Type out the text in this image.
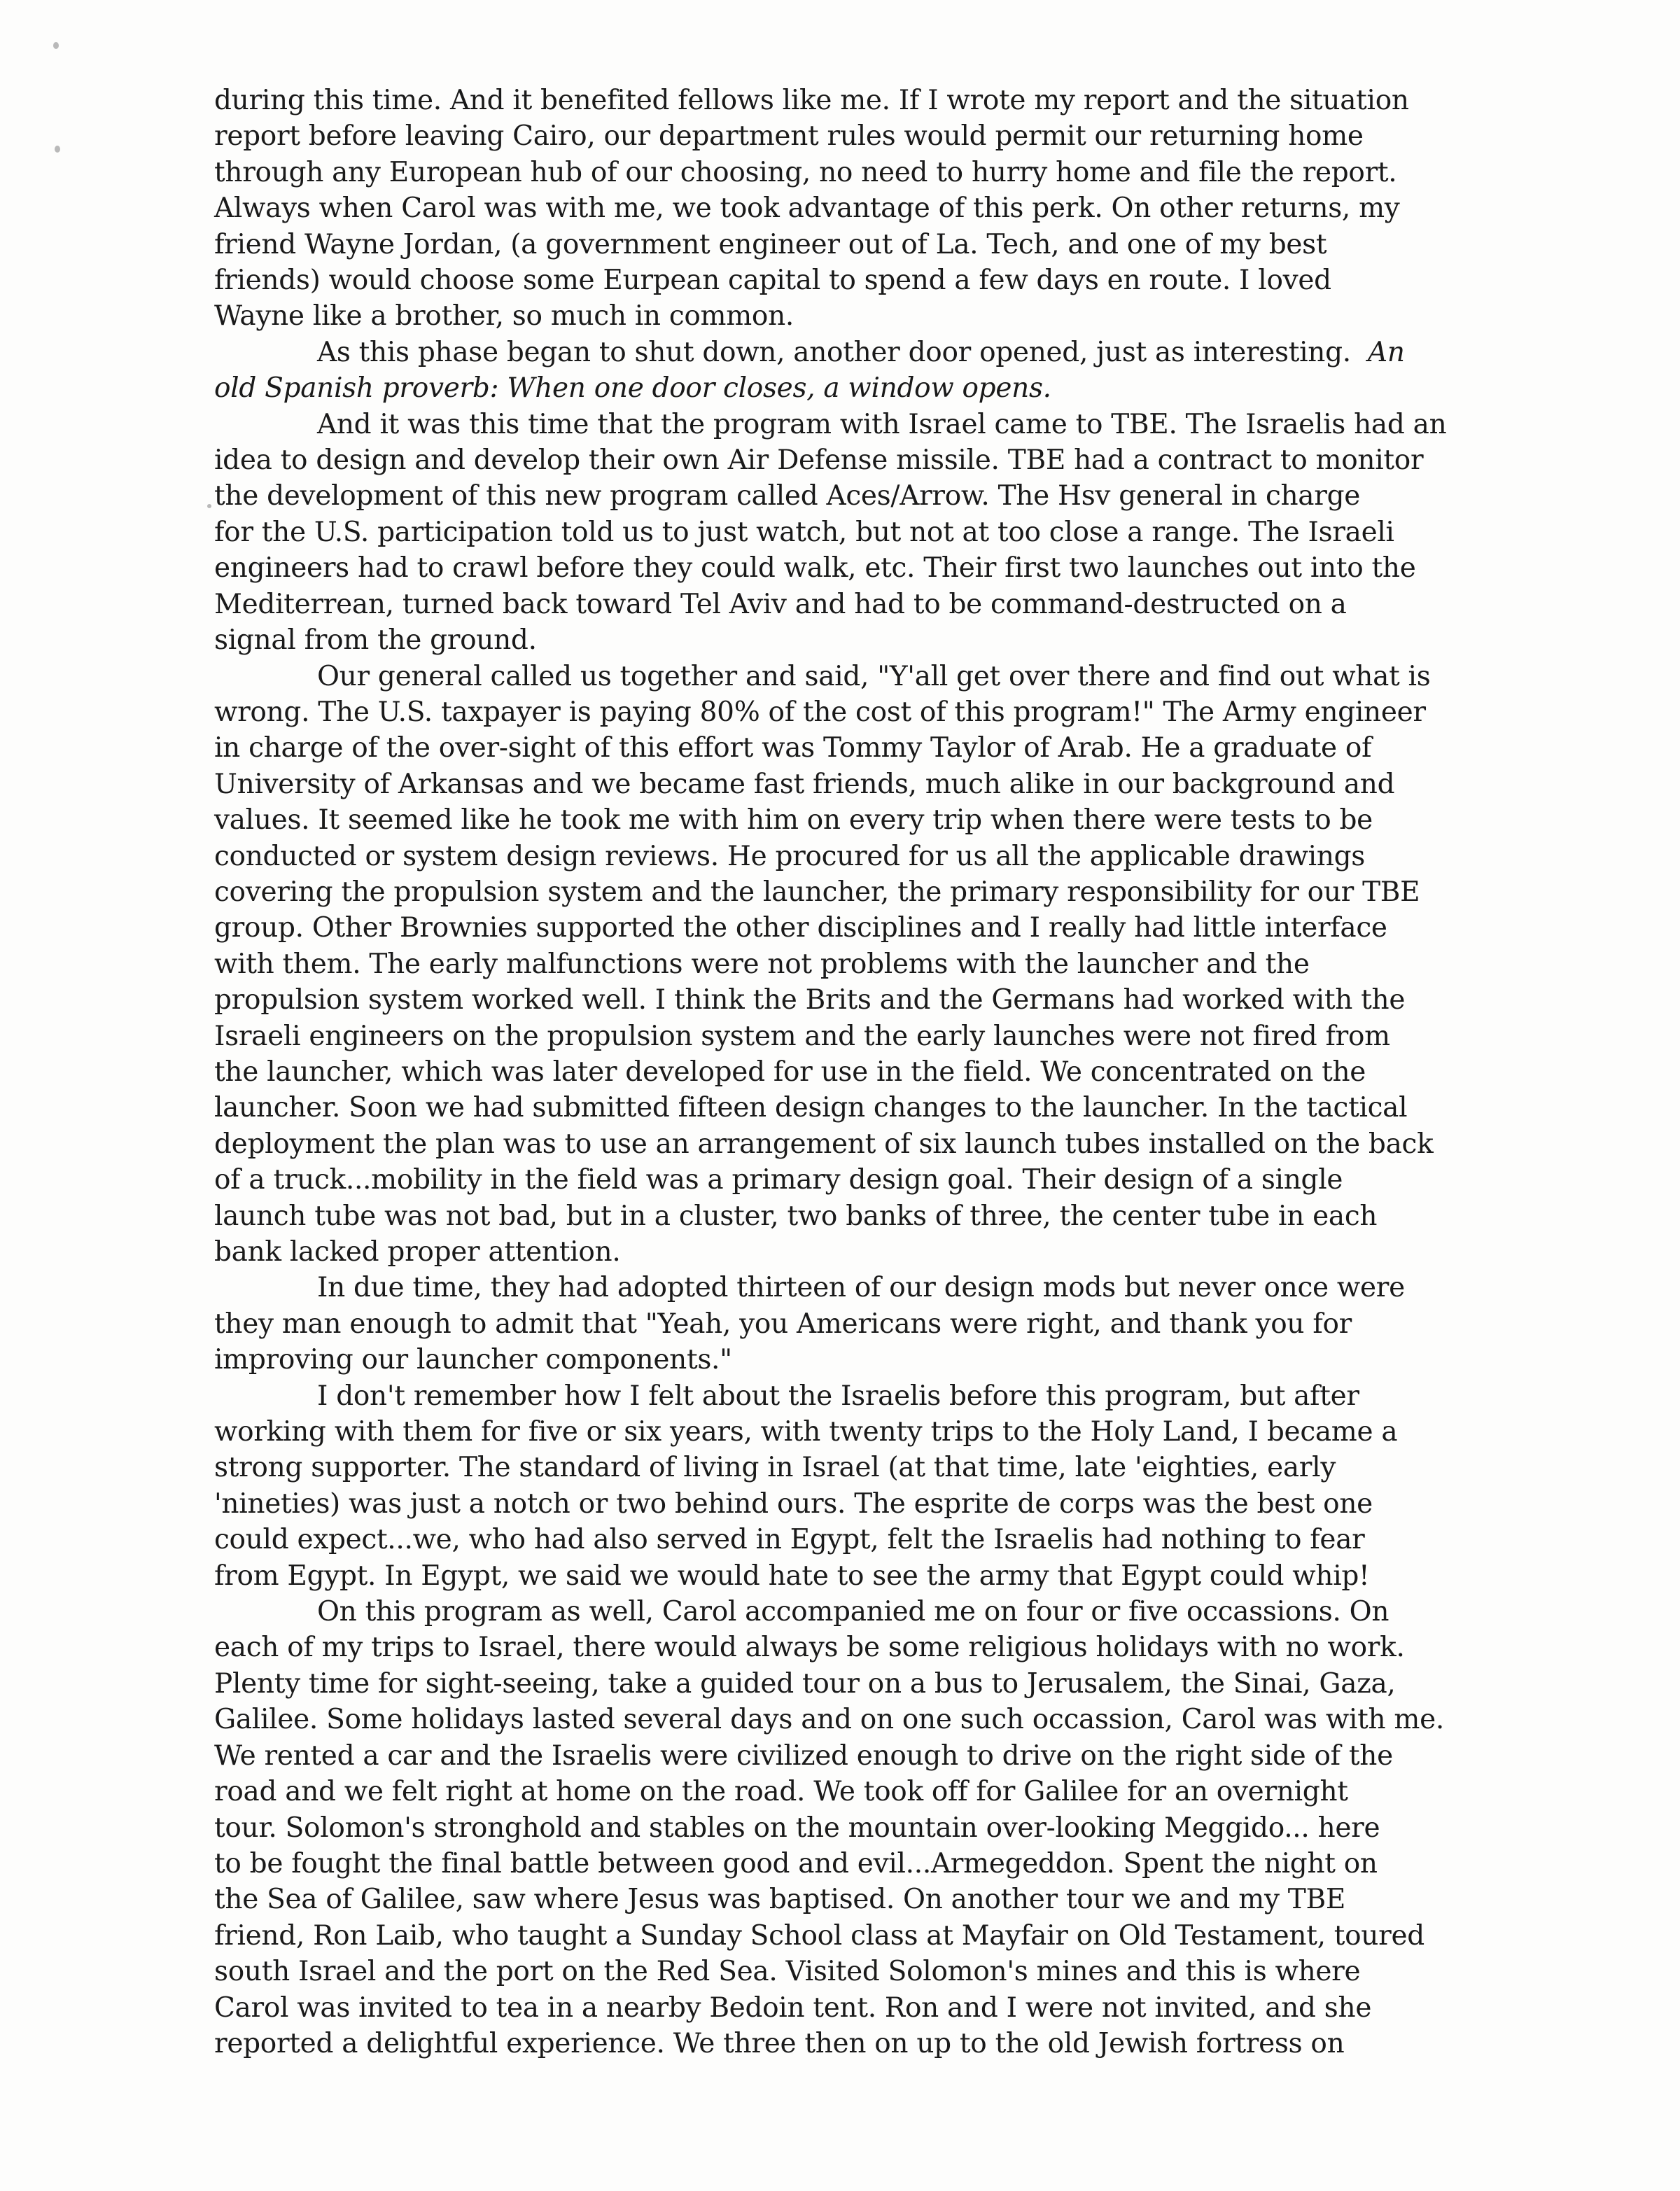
during this time. And it benefited fellows like me. If I wrote my report and the situation
report before leaving Cairo, our department rules would permit our returning home
through any European hub of our choosing, no need to hurry home and file the report.
Always when Carol was with me, we took advantage of this perk. On other returns, my
friend Wayne Jordan, (a government engineer out of La. Tech, and one of my best
friends) would choose some Eurpean capital to spend a few days en route. I loved
Wayne like a brother, so much in common.
As this phase began to shut down, another door opened, just as interesting. An
old Spanish proverb: When one door closes, a window opens.
And it was this time that the program with Israel came to TBE. The Israelis had an
idea to design and develop their own Air Defense missile. TBE had a contract to monitor
the development of this new program called Aces/Arrow. The Hsv general in charge
for the U.S. participation told us to just watch, but not at too close a range. The Israeli
engineers had to crawl before they could walk, etc. Their first two launches out into the
Mediterrean, turned back toward Tel Aviv and had to be command-destructed on a
signal from the ground.
Our general called us together and said, "Y'all get over there and find out what is
wrong. The U.S. taxpayer is paying 80% of the cost of this program!" The Army engineer
in charge of the over-sight of this effort was Tommy Taylor of Arab. He a graduate of
University of Arkansas and we became fast friends, much alike in our background and
values. It seemed like he took me with him on every trip when there were tests to be
conducted or system design reviews. He procured for us all the applicable drawings
covering the propulsion system and the launcher, the primary responsibility for our TBE
group. Other Brownies supported the other disciplines and I really had little interface
with them. The early malfunctions were not problems with the launcher and the
propulsion system worked well. I think the Brits and the Germans had worked with the
Israeli engineers on the propulsion system and the early launches were not fired from
the launcher, which was later developed for use in the field. We concentrated on the
launcher. Soon we had submitted fifteen design changes to the launcher. In the tactical
deployment the plan was to use an arrangement of six launch tubes installed on the back
of a truck...mobility in the field was a primary design goal. Their design of a single
launch tube was not bad, but in a cluster, two banks of three, the center tube in each
bank lacked proper attention.
In due time, they had adopted thirteen of our design mods but never once were
they man enough to admit that "Yeah, you Americans were right, and thank you for
improving our launcher components."
I don't remember how I felt about the Israelis before this program, but after
working with them for five or six years, with twenty trips to the Holy Land, I became a
strong supporter. The standard of living in Israel (at that time, late 'eighties, early
'nineties) was just a notch or two behind ours. The esprite de corps was the best one
could expect...we, who had also served in Egypt, felt the Israelis had nothing to fear
from Egypt. In Egypt, we said we would hate to see the army that Egypt could whip!
On this program as well, Carol accompanied me on four or five occassions. On
each of my trips to Israel, there would always be some religious holidays with no work.
Plenty time for sight-seeing, take a guided tour on a bus to Jerusalem, the Sinai, Gaza,
Galilee. Some holidays lasted several days and on one such occassion, Carol was with me.
We rented a car and the Israelis were civilized enough to drive on the right side of the
road and we felt right at home on the road. We took off for Galilee for an overnight
tour. Solomon's stronghold and stables on the mountain over-looking Meggido... here
to be fought the final battle between good and evil...Armegeddon. Spent the night on
the Sea of Galilee, saw where Jesus was baptised. On another tour we and my TBE
friend, Ron Laib, who taught a Sunday School class at Mayfair on Old Testament, toured
south Israel and the port on the Red Sea. Visited Solomon's mines and this is where
Carol was invited to tea in a nearby Bedoin tent. Ron and I were not invited, and she
reported a delightful experience. We three then on up to the old Jewish fortress on
